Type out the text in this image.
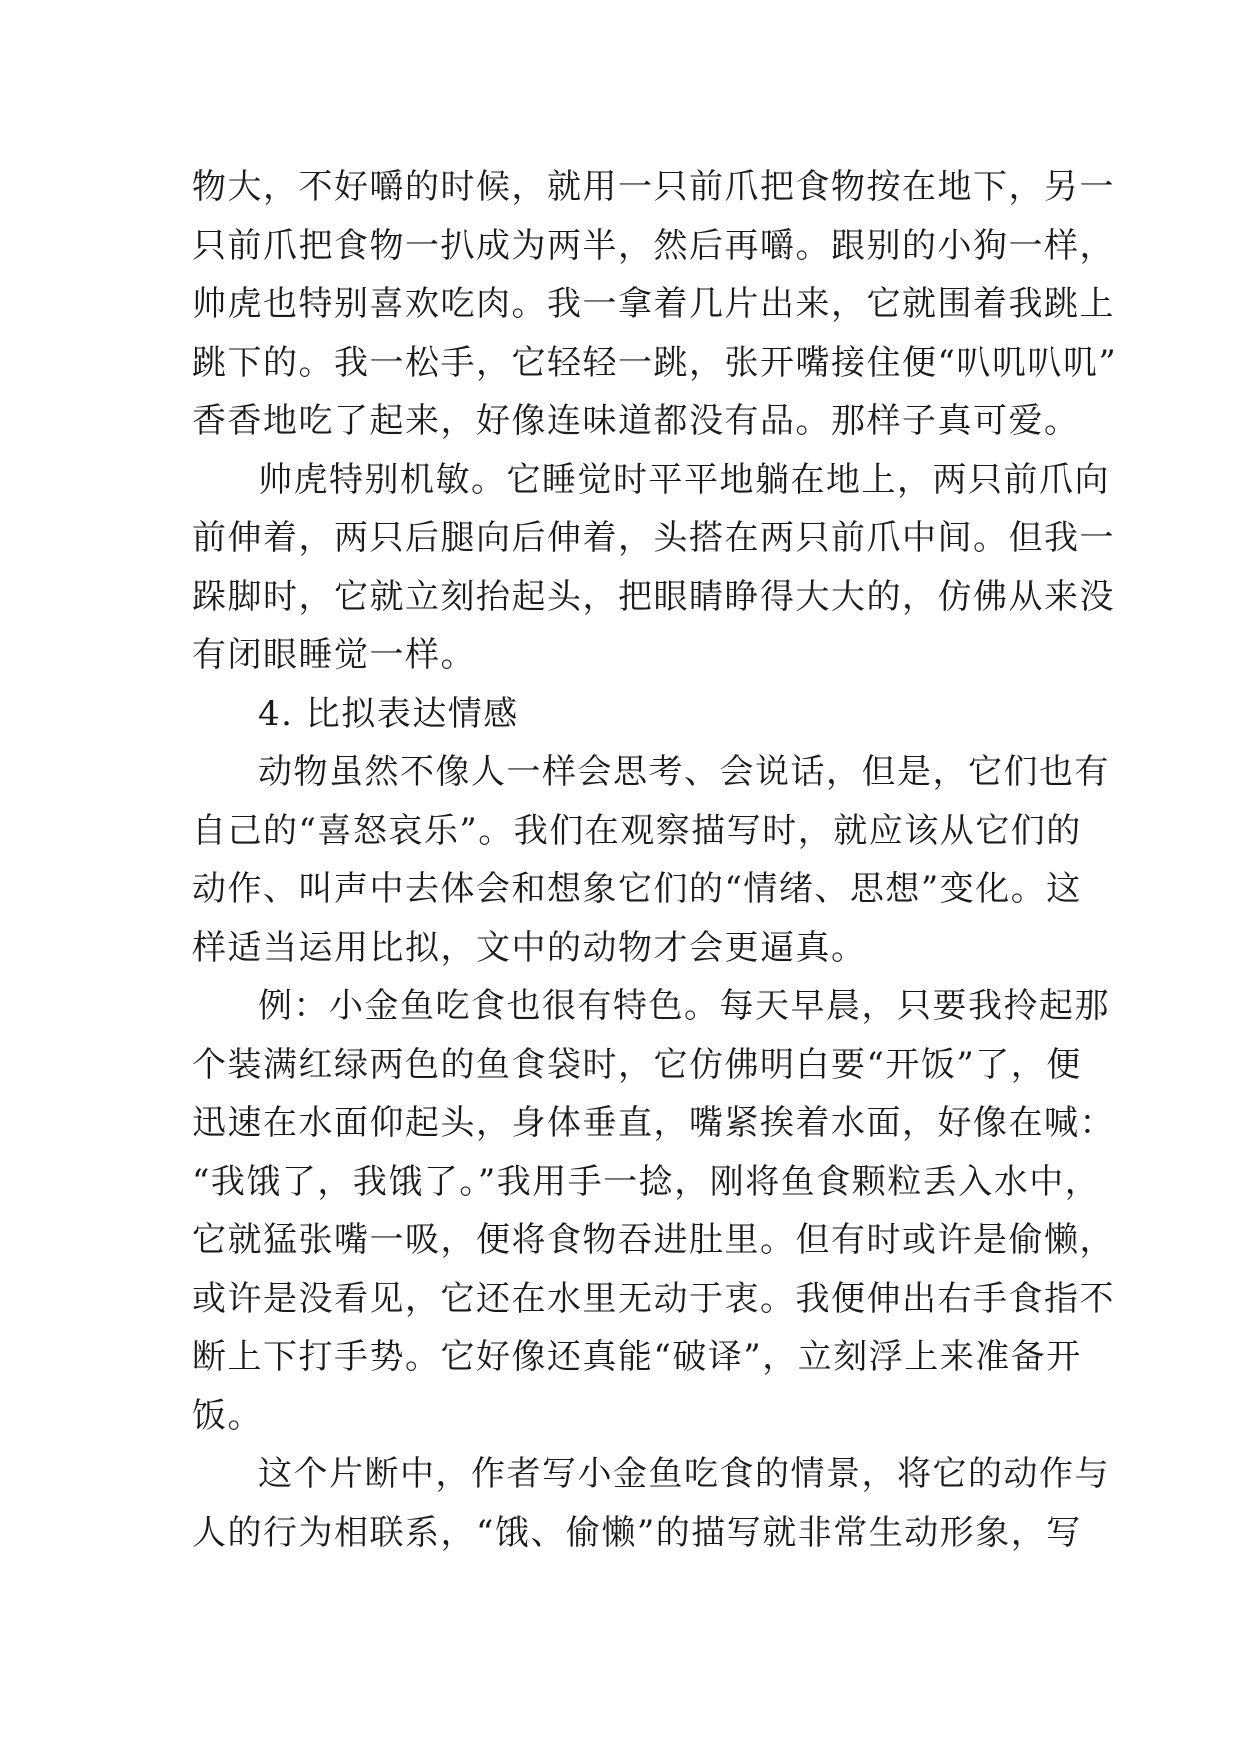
物大，不好嚼的时候，就用一只前爪把食物按在地下，另一
只前爪把食物一扒成为两半，然后再嚼。跟别的小狗一样，
帅虎也特别喜欢吃肉。我一拿着几片出来，它就围着我跳上
跳下的。我一松手，它轻轻一跳，张开嘴接住便“叭叽叭叽”
香香地吃了起来，好像连味道都没有品。那样子真可爱。
帅虎特别机敏。它睡觉时平平地躺在地上，两只前爪向
前伸着，两只后腿向后伸着，头搭在两只前爪中间。但我一
跺脚时，它就立刻抬起头，把眼睛睁得大大的，仿佛从来没
有闭眼睡觉一样。
4. 比拟表达情感
动物虽然不像人一样会思考、会说话，但是，它们也有
自己的“喜怒哀乐”。我们在观察描写时，就应该从它们的
动作、叫声中去体会和想象它们的“情绪、思想”变化。这
样适当运用比拟，文中的动物才会更逼真。
例：小金鱼吃食也很有特色。每天早晨，只要我拎起那
个装满红绿两色的鱼食袋时，它仿佛明白要“开饭”了，便
迅速在水面仰起头，身体垂直，嘴紧挨着水面，好像在喊：
“我饿了，我饿了。”我用手一捻，刚将鱼食颗粒丢入水中，
它就猛张嘴一吸，便将食物吞进肚里。但有时或许是偷懒，
或许是没看见，它还在水里无动于衷。我便伸出右手食指不
断上下打手势。它好像还真能“破译”，立刻浮上来准备开
饭。
这个片断中，作者写小金鱼吃食的情景，将它的动作与
人的行为相联系，“饿、偷懒”的描写就非常生动形象，写
